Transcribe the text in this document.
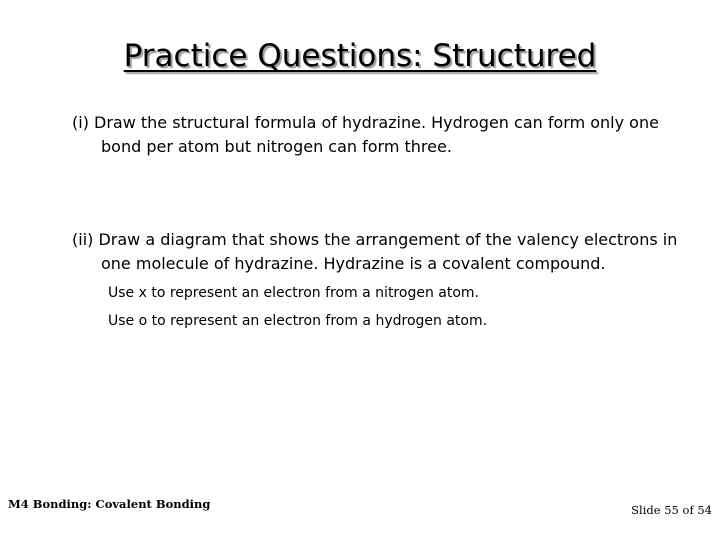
Practice Questions: Structured
(i) Draw the structural formula of hydrazine. Hydrogen can form only one
bond per atom but nitrogen can form three.
(ii) Draw a diagram that shows the arrangement of the valency electrons in
one molecule of hydrazine. Hydrazine is a covalent compound.
Use x to represent an electron from a nitrogen atom.
Use o to represent an electron from a hydrogen atom.
M4 Bonding: Covalent Bonding	Slide 55 of 54
